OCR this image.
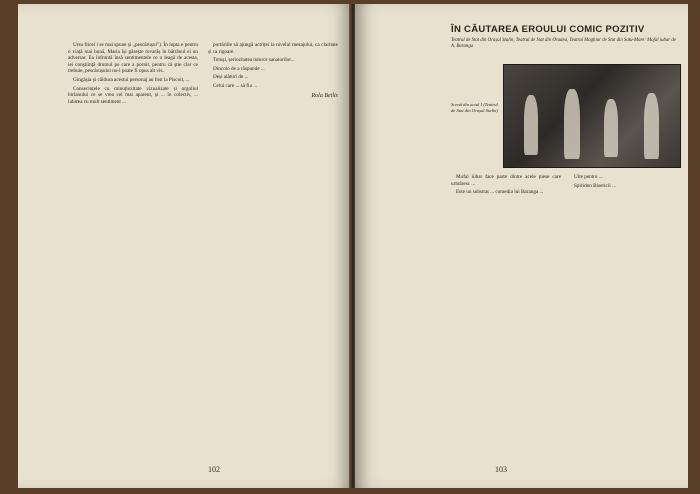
Ursu fiicei i se mai spune și „pescărușul"). În lupta e pentru o viață mai bună, Maria își găsește tovarăș în bătrânul ei un adversar. Ea înfruntă însă sentimentele ce o leagă de acesta, iei conștiință drumul pe care a pornit, pentru că știe clar ce trebuie, pescărușului nu-l poate fi opus alt vis.

Gingășia și căldura acestui personaj au fost la Piscoit, ...

Consecințele cu minuțiozitate vizualizate și orgoliul birlanului ce se vrea cel mai aparent, și ... în colectiv, ... iubirea cu mult sentiment ...

portăriile să ajungă actriței la nivelul mesajului, ca claritate și ca rigoare.

Totuși, șeriozitatea tuturor sanatorilor...

Dincolo de a răspunde ...

Deși alături de ...

Celui care ... să fiu ...

Rola Beilis
102
ÎN CĂUTAREA EROULUI COMIC POZITIV
Teatrul de Stat din Orașul Stalin, Teatrul de Stat din Oradea, Teatrul Maghiar de Stat din Satu-Mare: Mofal iubar de A. Baranga
Scenă din actul I (Teatrul de Stat din Orașul Stalin)

Mofal iubar face parte dintre acele piese care urmăresc ...

Este un substrat ... comedia lui Baranga ...

Uite pentru ...

Spiridon Bisericii ...

103
